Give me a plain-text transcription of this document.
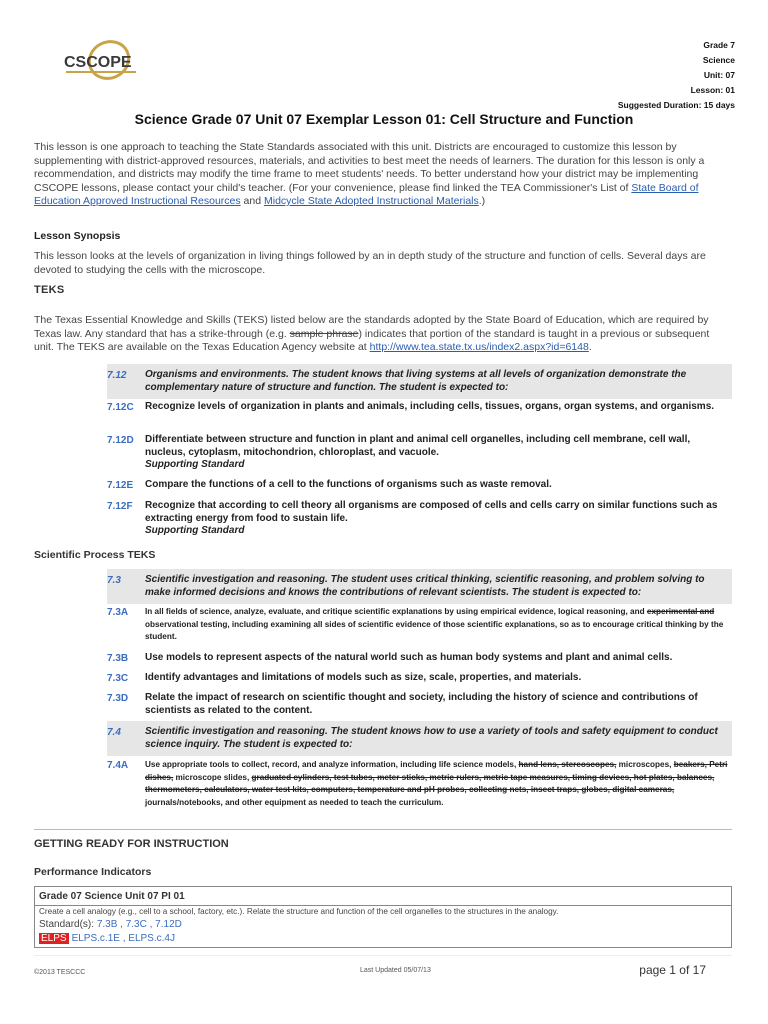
CSCOPE
Grade 7
Science
Unit: 07
Lesson: 01
Suggested Duration: 15 days
Science Grade 07 Unit 07 Exemplar Lesson 01: Cell Structure and Function
This lesson is one approach to teaching the State Standards associated with this unit. Districts are encouraged to customize this lesson by supplementing with district-approved resources, materials, and activities to best meet the needs of learners. The duration for this lesson is only a recommendation, and districts may modify the time frame to meet students' needs. To better understand how your district may be implementing CSCOPE lessons, please contact your child's teacher. (For your convenience, please find linked the TEA Commissioner's List of State Board of Education Approved Instructional Resources and Midcycle State Adopted Instructional Materials.)
Lesson Synopsis
This lesson looks at the levels of organization in living things followed by an in depth study of the structure and function of cells. Several days are devoted to studying the cells with the microscope.
TEKS
The Texas Essential Knowledge and Skills (TEKS) listed below are the standards adopted by the State Board of Education, which are required by Texas law. Any standard that has a strike-through (e.g. sample phrase) indicates that portion of the standard is taught in a previous or subsequent unit. The TEKS are available on the Texas Education Agency website at http://www.tea.state.tx.us/index2.aspx?id=6148.
7.12	Organisms and environments. The student knows that living systems at all levels of organization demonstrate the complementary nature of structure and function. The student is expected to:
7.12C	Recognize levels of organization in plants and animals, including cells, tissues, organs, organ systems, and organisms.
7.12D	Differentiate between structure and function in plant and animal cell organelles, including cell membrane, cell wall, nucleus, cytoplasm, mitochondrion, chloroplast, and vacuole.
Supporting Standard
7.12E	Compare the functions of a cell to the functions of organisms such as waste removal.
7.12F	Recognize that according to cell theory all organisms are composed of cells and cells carry on similar functions such as extracting energy from food to sustain life.
Supporting Standard
Scientific Process TEKS
7.3	Scientific investigation and reasoning. The student uses critical thinking, scientific reasoning, and problem solving to make informed decisions and knows the contributions of relevant scientists. The student is expected to:
7.3A	In all fields of science, analyze, evaluate, and critique scientific explanations by using empirical evidence, logical reasoning, and experimental and observational testing, including examining all sides of scientific evidence of those scientific explanations, so as to encourage critical thinking by the student.
7.3B	Use models to represent aspects of the natural world such as human body systems and plant and animal cells.
7.3C	Identify advantages and limitations of models such as size, scale, properties, and materials.
7.3D	Relate the impact of research on scientific thought and society, including the history of science and contributions of scientists as related to the content.
7.4	Scientific investigation and reasoning. The student knows how to use a variety of tools and safety equipment to conduct science inquiry. The student is expected to:
7.4A	Use appropriate tools to collect, record, and analyze information, including life science models, hand lens, stereoscopes, microscopes, beakers, Petri dishes, microscope slides, graduated cylinders, test tubes, meter sticks, metric rulers, metric tape measures, timing devices, hot plates, balances, thermometers, calculators, water test kits, computers, temperature and pH probes, collecting nets, insect traps, globes, digital cameras, journals/notebooks, and other equipment as needed to teach the curriculum.
GETTING READY FOR INSTRUCTION
Performance Indicators
Grade 07 Science Unit 07 PI 01
Create a cell analogy (e.g., cell to a school, factory, etc.). Relate the structure and function of the cell organelles to the structures in the analogy.
Standard(s): 7.3B , 7.3C , 7.12D
ELPS ELPS.c.1E , ELPS.c.4J
©2013 TESCCC	Last Updated 05/07/13	page 1 of 17
